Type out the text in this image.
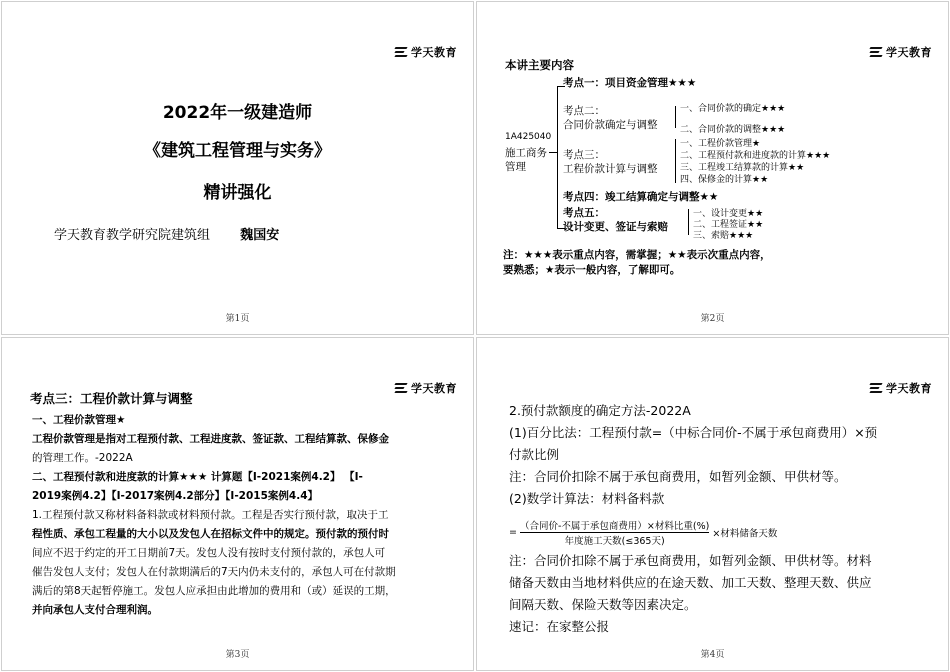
学天教育
2022年一级建造师
《建筑工程管理与实务》
精讲强化
学天教育教学研究院建筑组 魏国安
第1页
学天教育
本讲主要内容
1A425040
施工商务
管理
考点一：项目资金管理★★★
考点二：
合同价款确定与调整
一、合同价款的确定★★★
二、合同价款的调整★★★
考点三：
工程价款计算与调整
一、工程价款管理★
二、工程预付款和进度款的计算★★★
三、工程竣工结算款的计算★★
四、保修金的计算★★
考点四：竣工结算确定与调整★★
考点五：
设计变更、签证与索赔
一、设计变更★★
二、工程签证★★
三、索赔★★★
注：★★★表示重点内容，需掌握；★★表示次重点内容，
要熟悉；★表示一般内容，了解即可。
第2页
学天教育
考点三：工程价款计算与调整
一、工程价款管理★
工程价款管理是指对工程预付款、工程进度款、签证款、工程结算款、保修金
的管理工作。-2022A
二、工程预付款和进度款的计算★★★ 计算题【Ⅰ-2021案例4.2】 【Ⅰ-
2019案例4.2】【Ⅰ-2017案例4.2部分】【Ⅰ-2015案例4.4】
1.工程预付款又称材料备料款或材料预付款。工程是否实行预付款，取决于工
程性质、承包工程量的大小以及发包人在招标文件中的规定。预付款的预付时
间应不迟于约定的开工日期前7天。发包人没有按时支付预付款的，承包人可
催告发包人支付；发包人在付款期满后的7天内仍未支付的，承包人可在付款期
满后的第8天起暂停施工。发包人应承担由此增加的费用和（或）延误的工期，
并向承包人支付合理利润。
第3页
学天教育
2.预付款额度的确定方法-2022A
(1)百分比法：工程预付款=（中标合同价-不属于承包商费用）×预
付款比例
注：合同价扣除不属于承包商费用，如暂列金额、甲供材等。
(2)数学计算法：材料备料款
=
（合同价-不属于承包商费用）×材料比重(%)
年度施工天数(≤365天)
×材料储备天数
注：合同价扣除不属于承包商费用，如暂列金额、甲供材等。材料
储备天数由当地材料供应的在途天数、加工天数、整理天数、供应
间隔天数、保险天数等因素决定。
速记：在家整公报
第4页
